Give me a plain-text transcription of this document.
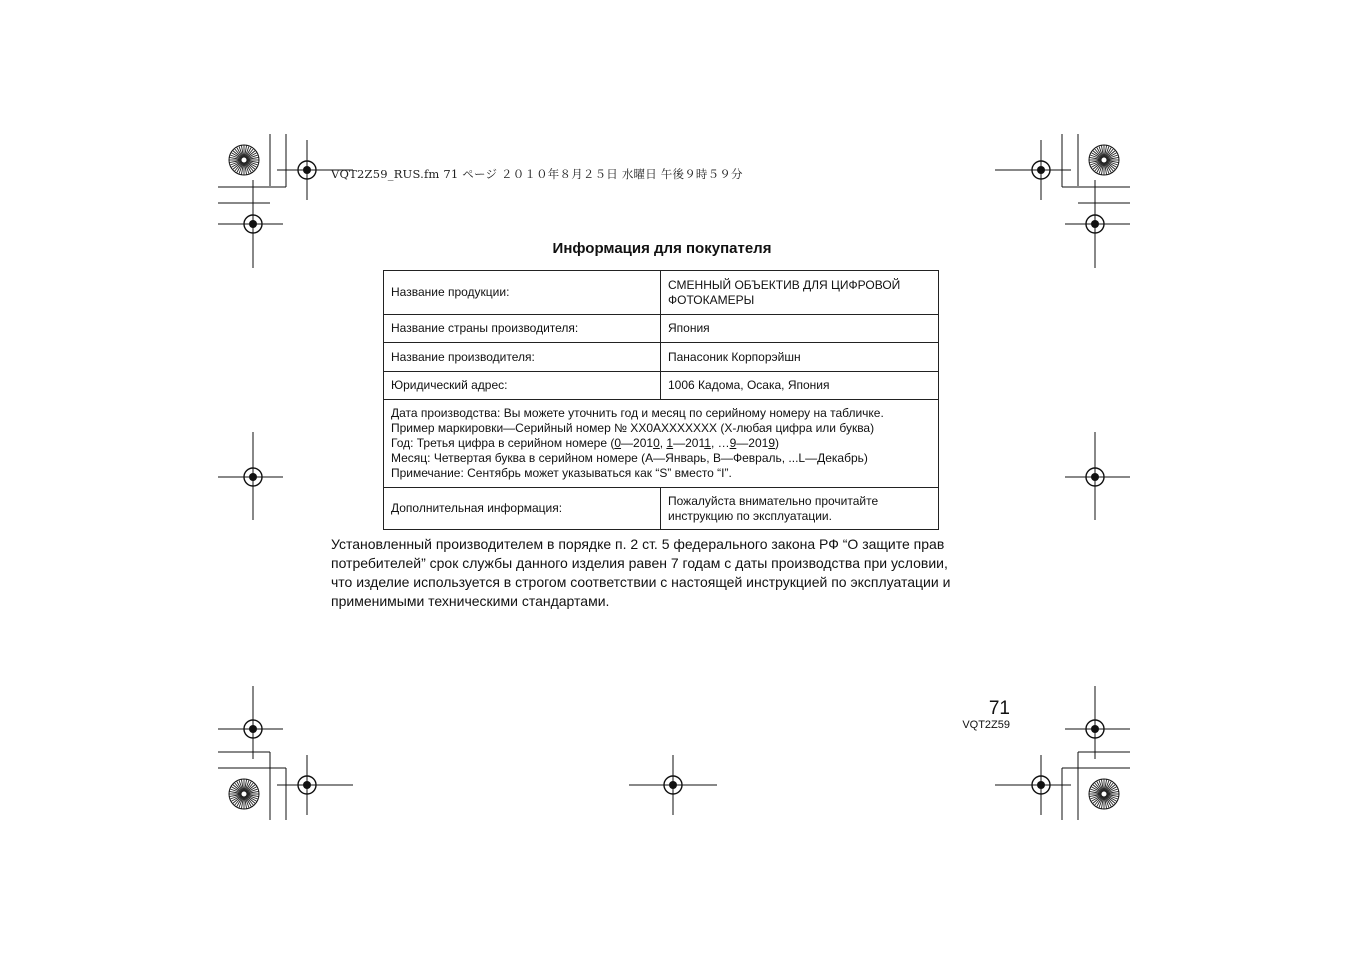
VQT2Z59_RUS.fm 71 ページ ２０１０年８月２５日 水曜日 午後９時５９分
Информация для покупателя
Название продукции:	СМЕННЫЙ ОБЪЕКТИВ ДЛЯ ЦИФРОВОЙ
ФОТОКАМЕРЫ

Название страны производителя:	Япония
Название производителя:	Панасоник Корпорэйшн
Юридический адрес:	1006 Кадома, Осака, Япония

Дата производства: Вы можете уточнить год и месяц по серийному номеру на табличке.
Пример маркировки—Серийный номер № XX0AXXXXXXX (X-любая цифра или буква)
Год: Третья цифра в серийном номере (0—2010, 1—2011, …9—2019)
Месяц: Четвертая буква в серийном номере (A—Январь, B—Февраль, ...L—Декабрь)
Примечание: Сентябрь может указываться как “S” вместо “I”.	

Дополнительная информация:	Пожалуйста внимательно прочитайте
инструкцию по эксплуатации.
Установленный производителем в порядке п. 2 ст. 5 федерального закона РФ “О защите прав
потребителей” срок службы данного изделия равен 7 годам с даты производства при условии,
что изделие используется в строгом соответствии с настоящей инструкцией по эксплуатации и
применимыми техническими стандартами.
71
VQT2Z59
